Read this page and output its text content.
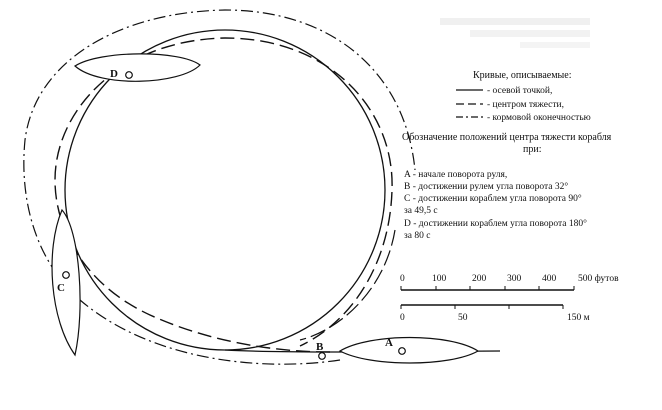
A
B
C
D	Кривые, описываемые:
- осевой точкой,
- центром тяжести,
- кормовой оконечностью
Обозначение положений центра тяжести корабля
при:
A - начале поворота руля,
B - достижении рулем угла поворота 32°
C - достижении кораблем угла поворота 90°
за 49,5 с
D - достижении кораблем угла поворота 180°
за 80 с
0	100	200 300 400 500 футов
0	50	150 м
